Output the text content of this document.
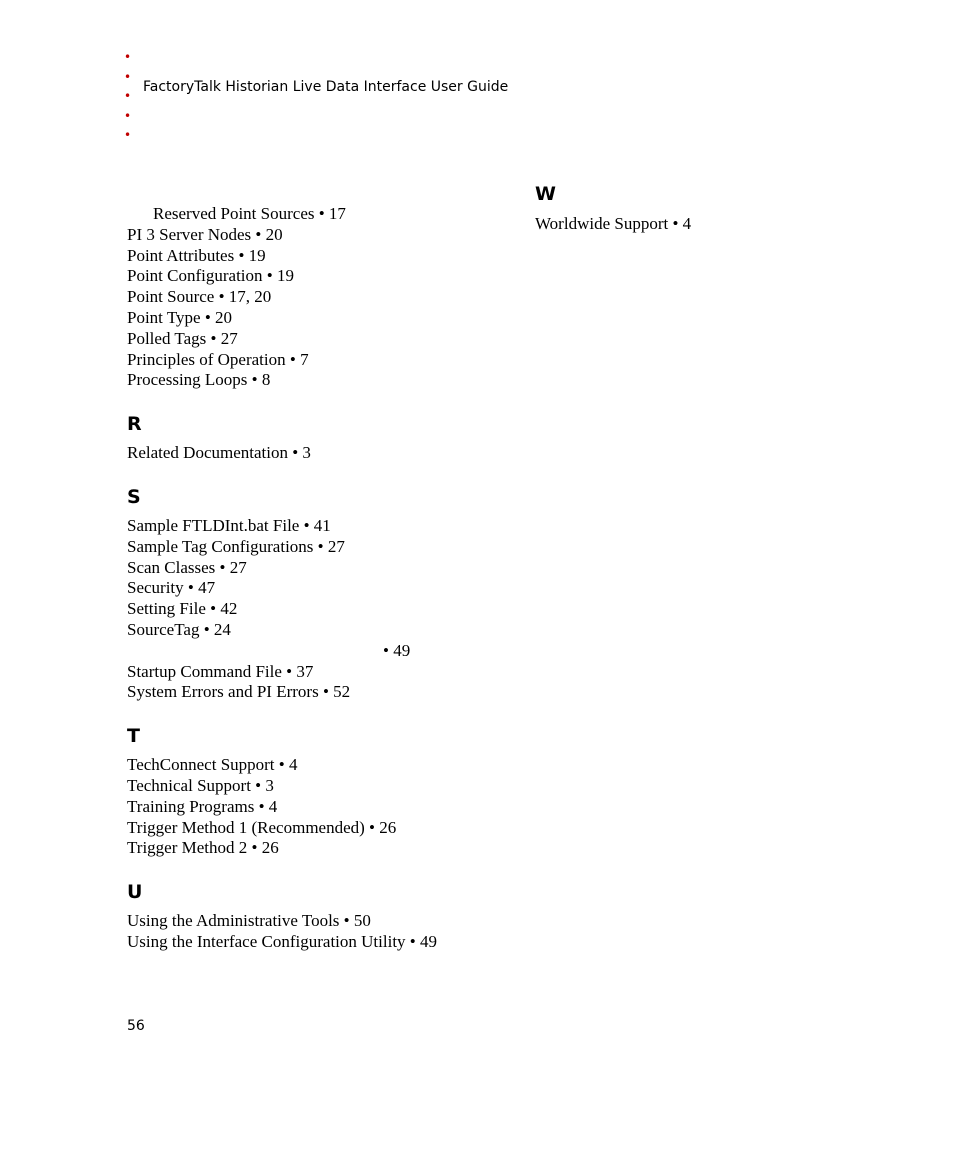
•
•
•
•
•
FactoryTalk Historian Live Data Interface User Guide
Reserved Point Sources • 17
PI 3 Server Nodes • 20
Point Attributes • 19
Point Configuration • 19
Point Source • 17, 20
Point Type • 20
Polled Tags • 27
Principles of Operation • 7
Processing Loops • 8
R
Related Documentation • 3
S
Sample FTLDInt.bat File • 41
Sample Tag Configurations • 27
Scan Classes • 27
Security • 47
Setting File • 42
SourceTag • 24
• 49
Startup Command File • 37
System Errors and PI Errors • 52
T
TechConnect Support • 4
Technical Support • 3
Training Programs • 4
Trigger Method 1 (Recommended) • 26
Trigger Method 2 • 26
U
Using the Administrative Tools • 50
Using the Interface Configuration Utility • 49
W
Worldwide Support • 4
56
